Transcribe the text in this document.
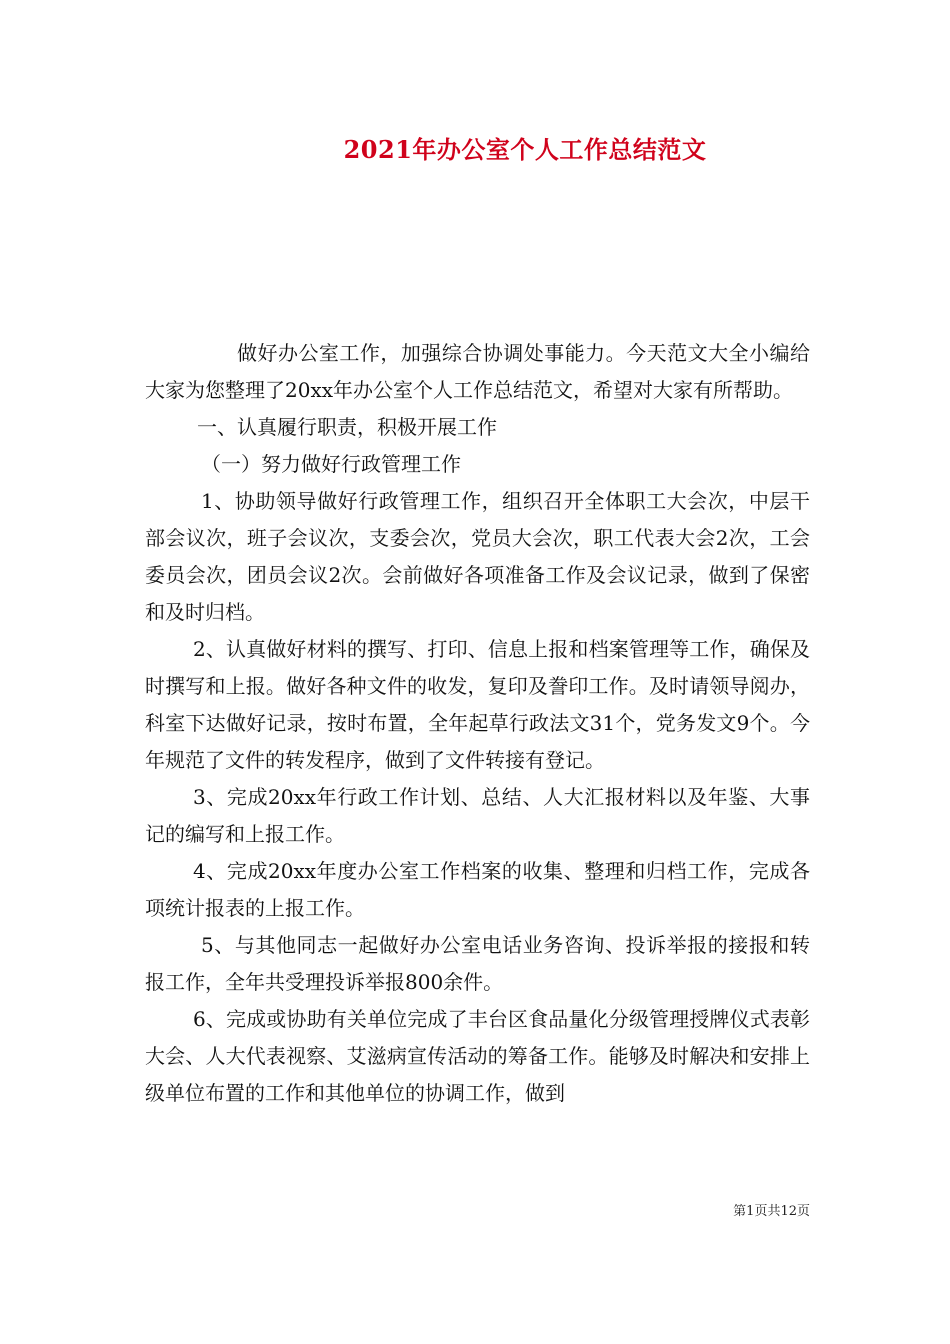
2021年办公室个人工作总结范文

做好办公室工作，加强综合协调处事能力。今天范文大全小编给大家为您整理了20xx年办公室个人工作总结范文，希望对大家有所帮助。

一、认真履行职责，积极开展工作

（一）努力做好行政管理工作

1、协助领导做好行政管理工作，组织召开全体职工大会次，中层干部会议次，班子会议次，支委会次，党员大会次，职工代表大会2次，工会委员会次，团员会议2次。会前做好各项准备工作及会议记录，做到了保密和及时归档。

2、认真做好材料的撰写、打印、信息上报和档案管理等工作，确保及时撰写和上报。做好各种文件的收发，复印及誊印工作。及时请领导阅办，科室下达做好记录，按时布置，全年起草行政法文31个，党务发文9个。今年规范了文件的转发程序，做到了文件转接有登记。

3、完成20xx年行政工作计划、总结、人大汇报材料以及年鉴、大事记的编写和上报工作。

4、完成20xx年度办公室工作档案的收集、整理和归档工作，完成各项统计报表的上报工作。

5、与其他同志一起做好办公室电话业务咨询、投诉举报的接报和转报工作，全年共受理投诉举报800余件。

6、完成或协助有关单位完成了丰台区食品量化分级管理授牌仪式表彰大会、人大代表视察、艾滋病宣传活动的筹备工作。能够及时解决和安排上级单位布置的工作和其他单位的协调工作，做到

第1页共12页
